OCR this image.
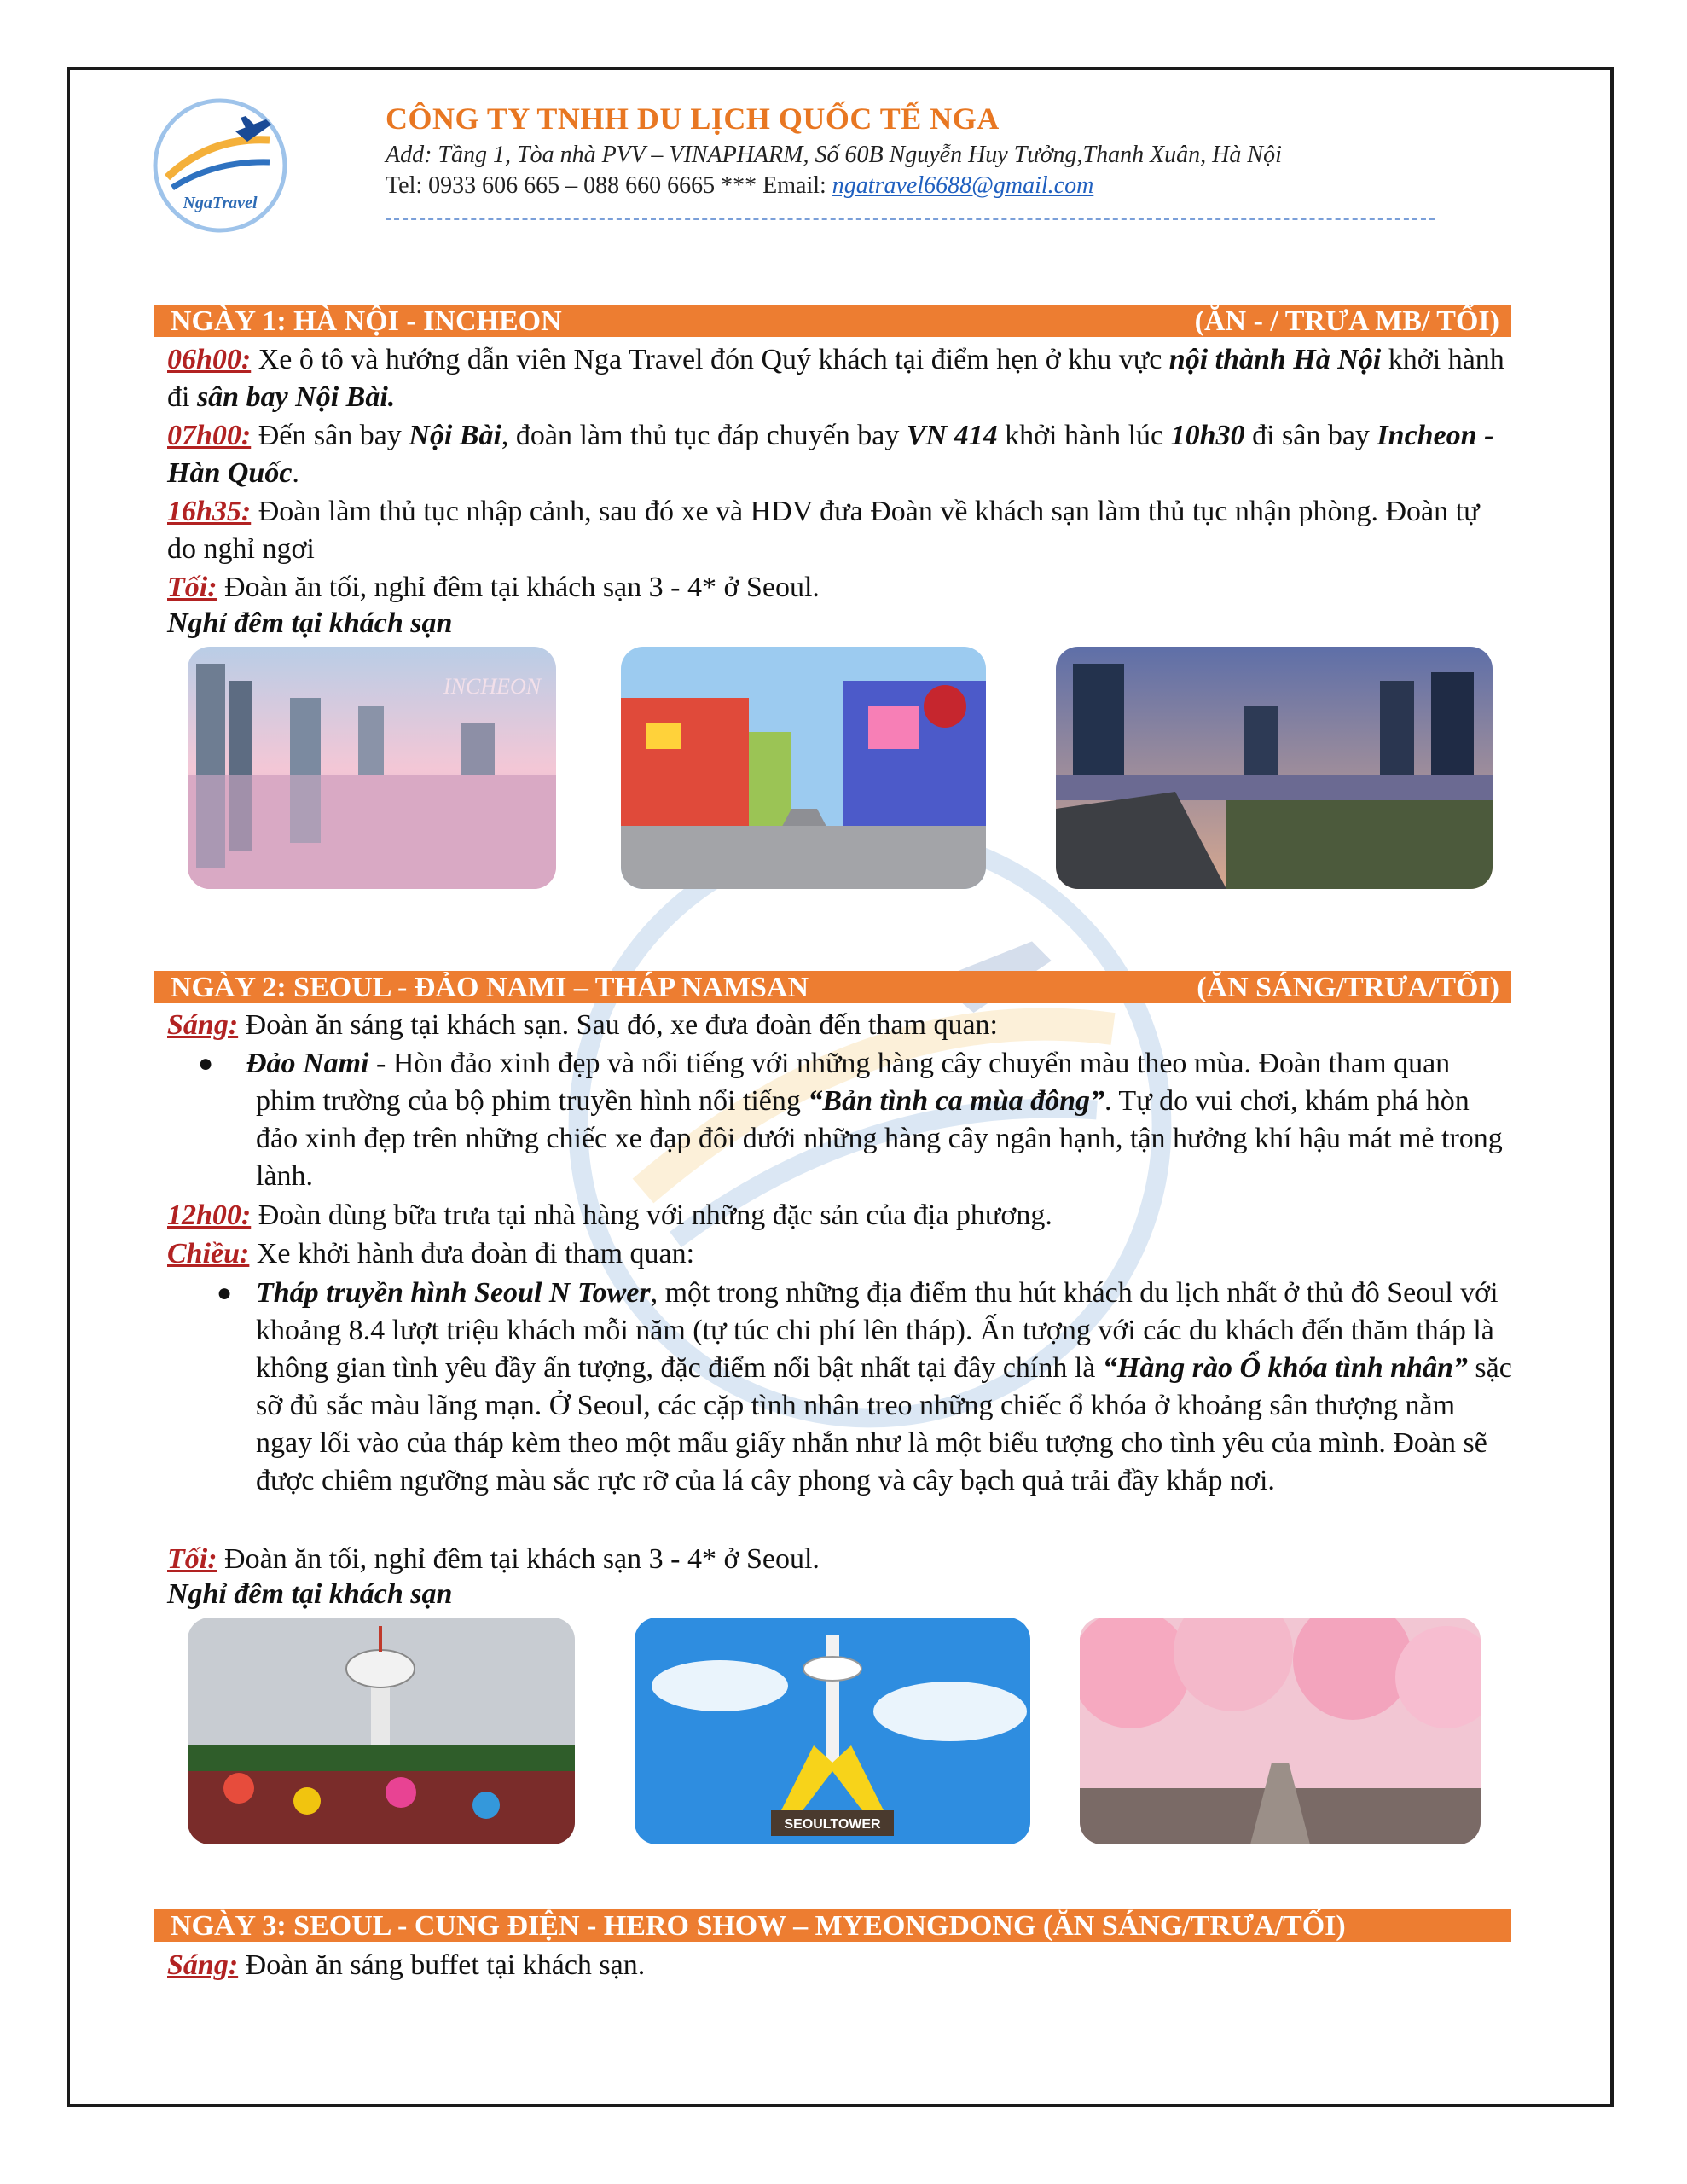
NgaTravel
CÔNG TY TNHH DU LỊCH QUỐC TẾ NGA
Add: Tầng 1, Tòa nhà PVV – VINAPHARM, Số 60B Nguyễn Huy Tưởng,Thanh Xuân, Hà Nội
Tel: 0933 606 665 – 088 660 6665 *** Email: ngatravel6688@gmail.com
NGÀY 1: HÀ NỘI - INCHEON	(ĂN - / TRƯA MB/ TỐI)
06h00: Xe ô tô và hướng dẫn viên Nga Travel đón Quý khách tại điểm hẹn ở khu vực nội thành Hà Nội khởi hành đi sân bay Nội Bài.
07h00: Đến sân bay Nội Bài, đoàn làm thủ tục đáp chuyến bay VN 414 khởi hành lúc 10h30 đi sân bay Incheon - Hàn Quốc.
16h35: Đoàn làm thủ tục nhập cảnh, sau đó xe và HDV đưa Đoàn về khách sạn làm thủ tục nhận phòng. Đoàn tự do nghỉ ngơi
Tối: Đoàn ăn tối, nghỉ đêm tại khách sạn 3 - 4* ở Seoul.
Nghỉ đêm tại khách sạn
INCHEON
NGÀY 2: SEOUL - ĐẢO NAMI – THÁP NAMSAN	(ĂN SÁNG/TRƯA/TỐI)
Sáng: Đoàn ăn sáng tại khách sạn. Sau đó, xe đưa đoàn đến tham quan:
● Đảo Nami - Hòn đảo xinh đẹp và nổi tiếng với những hàng cây chuyển màu theo mùa. Đoàn tham quan phim trường của bộ phim truyền hình nổi tiếng “Bản tình ca mùa đông”. Tự do vui chơi, khám phá hòn đảo xinh đẹp trên những chiếc xe đạp đôi dưới những hàng cây ngân hạnh, tận hưởng khí hậu mát mẻ trong lành.
12h00: Đoàn dùng bữa trưa tại nhà hàng với những đặc sản của địa phương.
Chiều: Xe khởi hành đưa đoàn đi tham quan:
● Tháp truyền hình Seoul N Tower, một trong những địa điểm thu hút khách du lịch nhất ở thủ đô Seoul với khoảng 8.4 lượt triệu khách mỗi năm (tự túc chi phí lên tháp). Ấn tượng với các du khách đến thăm tháp là không gian tình yêu đầy ấn tượng, đặc điểm nổi bật nhất tại đây chính là “Hàng rào Ổ khóa tình nhân” sặc sỡ đủ sắc màu lãng mạn. Ở Seoul, các cặp tình nhân treo những chiếc ổ khóa ở khoảng sân thượng nằm ngay lối vào của tháp kèm theo một mẩu giấy nhắn như là một biểu tượng cho tình yêu của mình. Đoàn sẽ được chiêm ngưỡng màu sắc rực rỡ của lá cây phong và cây bạch quả trải đầy khắp nơi.
Tối: Đoàn ăn tối, nghỉ đêm tại khách sạn 3 - 4* ở Seoul.
Nghỉ đêm tại khách sạn
SEOULTOWER
NGÀY 3: SEOUL - CUNG ĐIỆN - HERO SHOW – MYEONGDONG (ĂN SÁNG/TRƯA/TỐI)
Sáng: Đoàn ăn sáng buffet tại khách sạn.
